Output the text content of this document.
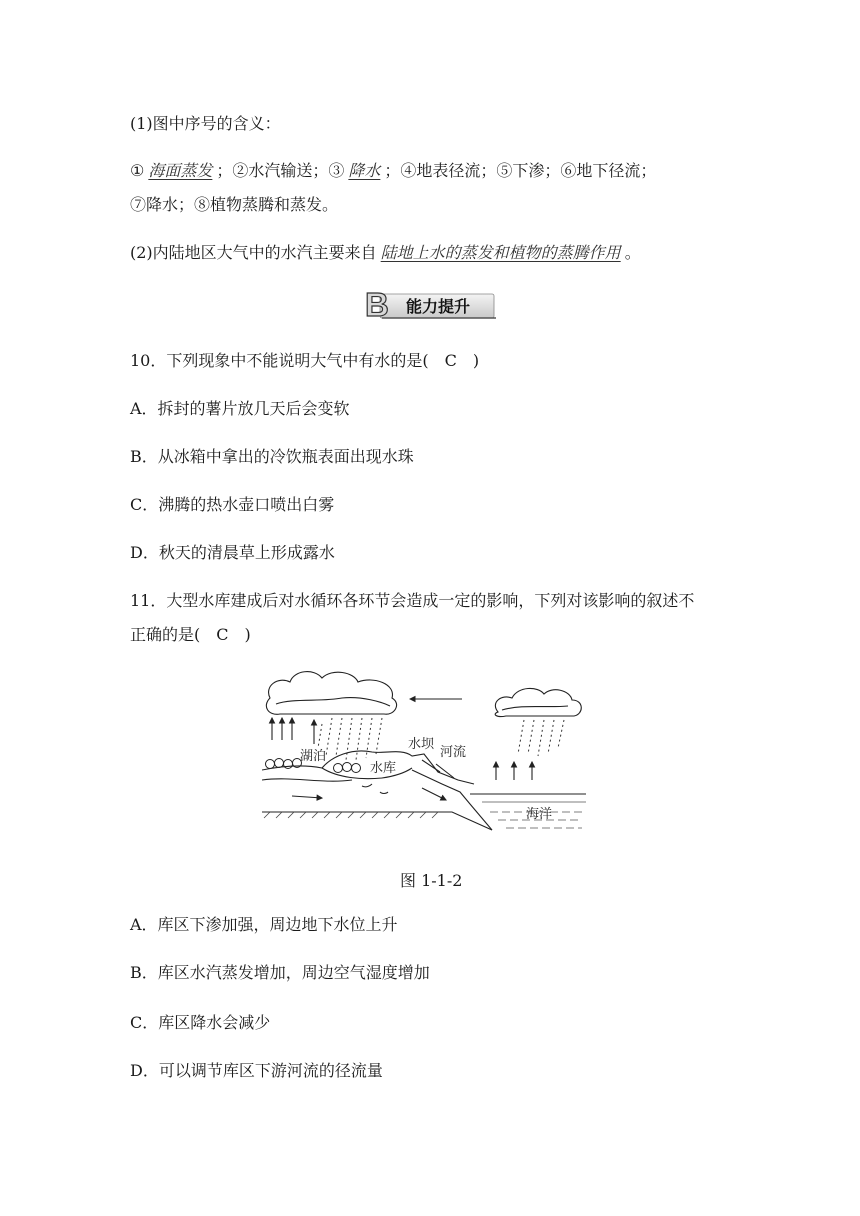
(1)图中序号的含义：
① 海面蒸发 ；②水汽输送；③ 降水 ；④地表径流；⑤下渗；⑥地下径流；
⑦降水；⑧植物蒸腾和蒸发。
(2)内陆地区大气中的水汽主要来自 陆地上水的蒸发和植物的蒸腾作用 。
B 能力提升
10．下列现象中不能说明大气中有水的是(　C　)
A．拆封的薯片放几天后会变软
B．从冰箱中拿出的冷饮瓶表面出现水珠
C．沸腾的热水壶口喷出白雾
D．秋天的清晨草上形成露水
11．大型水库建成后对水循环各环节会造成一定的影响，下列对该影响的叙述不
正确的是(　C　)
湖泊
水坝
河流
水库
海洋
图 1-1-2
A．库区下渗加强，周边地下水位上升
B．库区水汽蒸发增加，周边空气湿度增加
C．库区降水会减少
D．可以调节库区下游河流的径流量
